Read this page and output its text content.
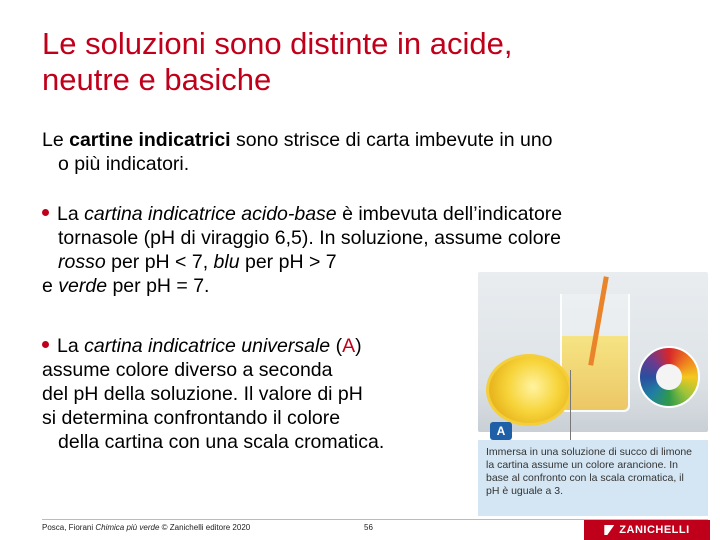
Le soluzioni sono distinte in acide,
neutre e basiche
Le cartine indicatrici sono strisce di carta imbevute in uno
o più indicatori.
La cartina indicatrice acido-base è imbevuta dell’indicatore
tornasole (pH di viraggio 6,5). In soluzione, assume colore
rosso per pH < 7, blu per pH > 7
e verde per pH = 7.
La cartina indicatrice universale (A)
assume colore diverso a seconda
del pH della soluzione. Il valore di pH
si determina confrontando il colore
della cartina con una scala cromatica.	Immersa in una soluzione di succo di limone la cartina assume un colore arancione. In base al confronto con la scala cromatica, il pH è uguale a 3.
A
Posca, Fiorani Chimica più verde © Zanichelli editore 2020	56	ZANICHELLI
